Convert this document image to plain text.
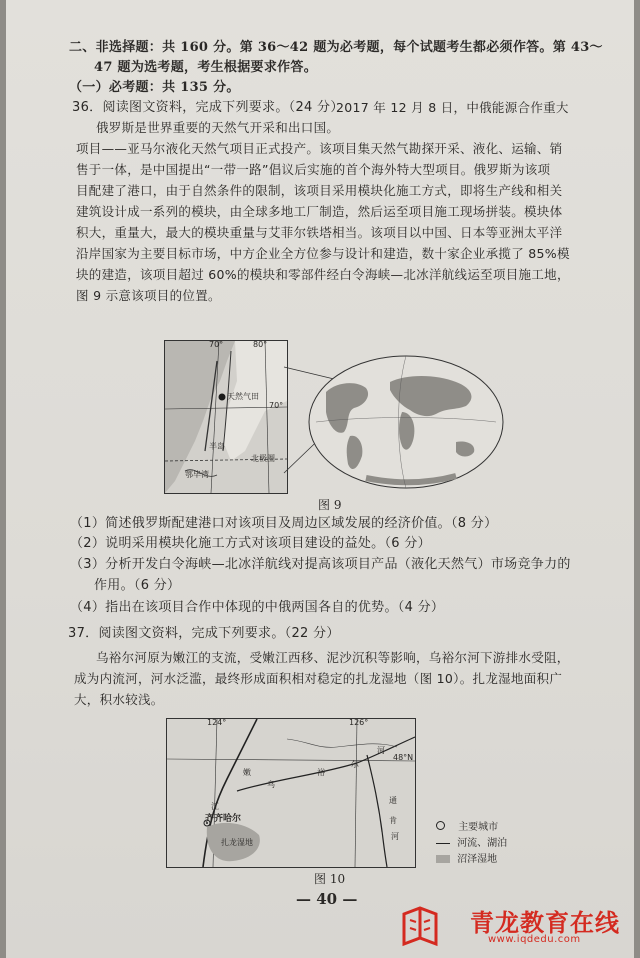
二、非选择题：共 160 分。第 36～42 题为必考题，每个试题考生都必须作答。第 43～
47 题为选考题，考生根据要求作答。
（一）必考题：共 135 分。
36．阅读图文资料，完成下列要求。（24 分）
2017 年 12 月 8 日，中俄能源合作重大
俄罗斯是世界重要的天然气开采和出口国。
项目——亚马尔液化天然气项目正式投产。该项目集天然气勘探开采、液化、运输、销
售于一体，是中国提出“一带一路”倡议后实施的首个海外特大型项目。俄罗斯为该项
目配建了港口，由于自然条件的限制，该项目采用模块化施工方式，即将生产线和相关
建筑设计成一系列的模块，由全球多地工厂制造，然后运至项目施工现场拼装。模块体
积大，重量大，最大的模块重量与艾菲尔铁塔相当。该项目以中国、日本等亚洲太平洋
沿岸国家为主要目标市场，中方企业全方位参与设计和建造，数十家企业承揽了 85%模
块的建造，该项目超过 60%的模块和零部件经白令海峡—北冰洋航线运至项目施工地，
图 9 示意该项目的位置。
70°	80°
70°
天然气田
北极圈
半岛
鄂毕湾
图 9
（1）简述俄罗斯配建港口对该项目及周边区域发展的经济价值。（8 分）
（2）说明采用模块化施工方式对该项目建设的益处。（6 分）
（3）分析开发白令海峡—北冰洋航线对提高该项目产品（液化天然气）市场竞争力的
作用。（6 分）
（4）指出在该项目合作中体现的中俄两国各自的优势。（4 分）
37．阅读图文资料，完成下列要求。（22 分）
乌裕尔河原为嫩江的支流，受嫩江西移、泥沙沉积等影响，乌裕尔河下游排水受阻，
成为内流河，河水泛滥，最终形成面积相对稳定的扎龙湿地（图 10）。扎龙湿地面积广
大，积水较浅。
124°	126°
48°N
嫩
江
乌
裕
尔
河
通
肯
河
齐齐哈尔
扎龙湿地
主要城市
河流、湖泊
沼泽湿地
图 10
— 40 —
青龙教育在线
www.iqdedu.com
